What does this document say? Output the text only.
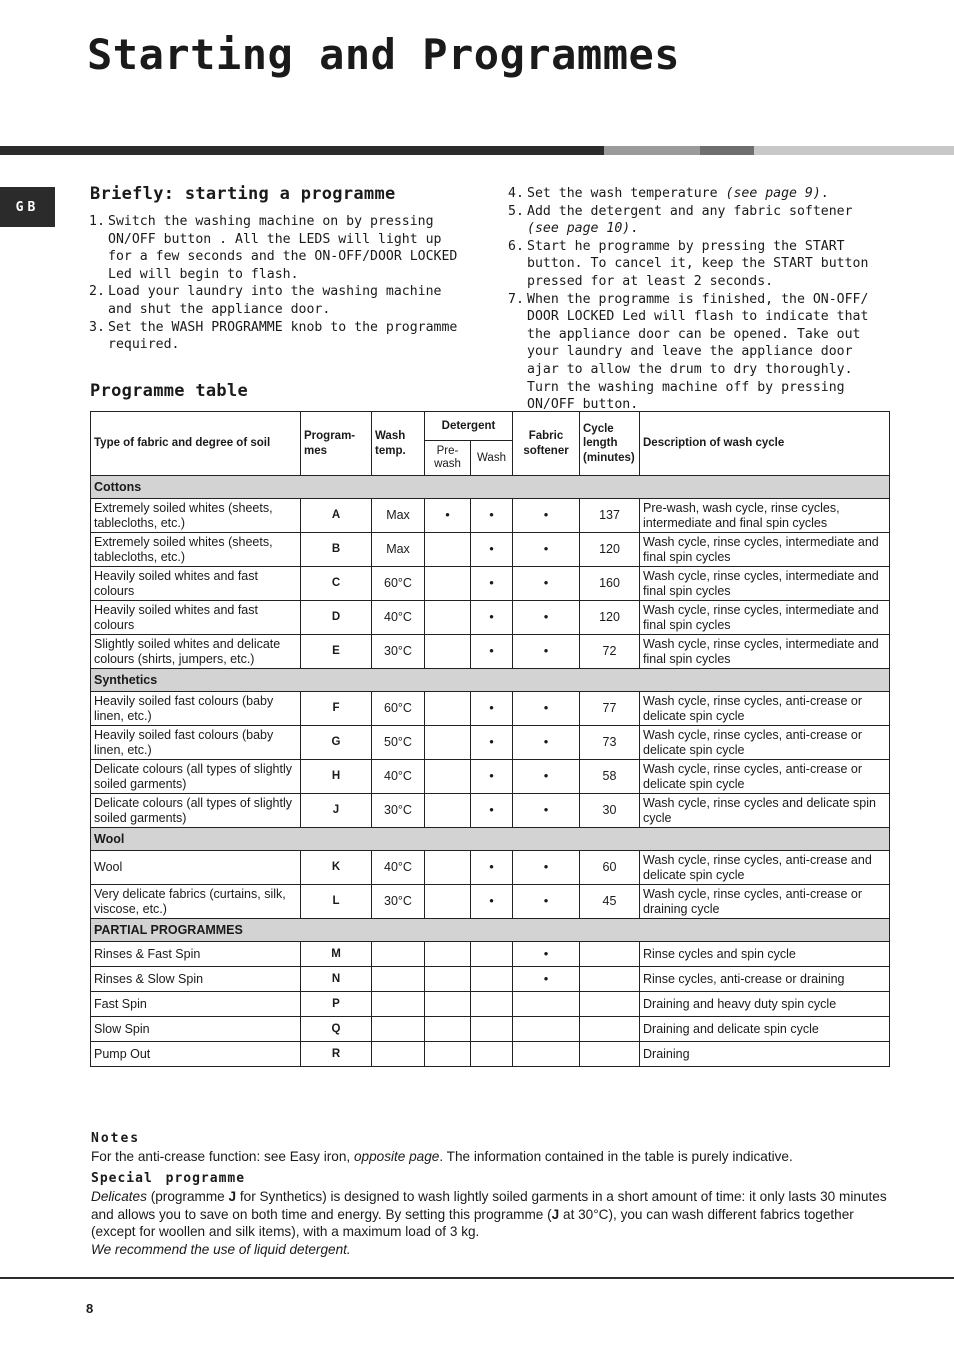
Starting and Programmes
GB
Briefly: starting a programme
1. Switch the washing machine on by pressing ON/OFF button . All the LEDS will light up for a few seconds and the ON-OFF/DOOR LOCKED Led will begin to flash.
2. Load your laundry into the washing machine and shut the appliance door.
3. Set the WASH PROGRAMME knob to the programme required.
4. Set the wash temperature (see page 9).
5. Add the detergent and any fabric softener (see page 10).
6. Start he programme by pressing the START button. To cancel it, keep the START button pressed for at least 2 seconds.
7. When the programme is finished, the ON-OFF/ DOOR LOCKED Led will flash to indicate that the appliance door can be opened. Take out your laundry and leave the appliance door ajar to allow the drum to dry thoroughly. Turn the washing machine off by pressing ON/OFF button.
Programme table
Type of fabric and degree of soil	Program-mes	Wash temp.	Detergent		Fabric softener	Cycle length (minutes)	Description of wash cycle
			Pre-wash	Wash			
Cottons							
Extremely soiled whites (sheets, tablecloths, etc.)	A	Max	•	•	•	137	Pre-wash, wash cycle, rinse cycles, intermediate and final spin cycles
Extremely soiled whites (sheets, tablecloths, etc.)	B	Max		•	•	120	Wash cycle, rinse cycles, intermediate and final spin cycles
Heavily soiled whites and fast colours	C	60°C		•	•	160	Wash cycle, rinse cycles, intermediate and final spin cycles
Heavily soiled whites and fast colours	D	40°C		•	•	120	Wash cycle, rinse cycles, intermediate and final spin cycles
Slightly soiled whites and delicate colours (shirts, jumpers, etc.)	E	30°C		•	•	72	Wash cycle, rinse cycles, intermediate and final spin cycles
Synthetics							
Heavily soiled fast colours (baby linen, etc.)	F	60°C		•	•	77	Wash cycle, rinse cycles, anti-crease or delicate spin cycle
Heavily soiled fast colours (baby linen, etc.)	G	50°C		•	•	73	Wash cycle, rinse cycles, anti-crease or delicate spin cycle
Delicate colours (all types of slightly soiled garments)	H	40°C		•	•	58	Wash cycle, rinse cycles, anti-crease or delicate spin cycle
Delicate colours (all types of slightly soiled garments)	J	30°C		•	•	30	Wash cycle, rinse cycles and delicate spin cycle
Wool							
Wool	K	40°C		•	•	60	Wash cycle, rinse cycles, anti-crease and delicate spin cycle
Very delicate fabrics (curtains, silk, viscose, etc.)	L	30°C		•	•	45	Wash cycle, rinse cycles, anti-crease or draining cycle
PARTIAL PROGRAMMES							
Rinses & Fast Spin	M				•		Rinse cycles and spin cycle
Rinses & Slow Spin	N				•		Rinse cycles, anti-crease or draining
Fast Spin	P						Draining and heavy duty spin cycle
Slow Spin	Q						Draining and delicate spin cycle
Pump Out	R						Draining
Notes
For the anti-crease function: see Easy iron, opposite page. The information contained in the table is purely indicative.
Special programme
Delicates (programme J for Synthetics) is designed to wash lightly soiled garments in a short amount of time: it only lasts 30 minutes and allows you to save on both time and energy. By setting this programme (J at 30°C), you can wash different fabrics together (except for woollen and silk items), with a maximum load of 3 kg.
We recommend the use of liquid detergent.
8
